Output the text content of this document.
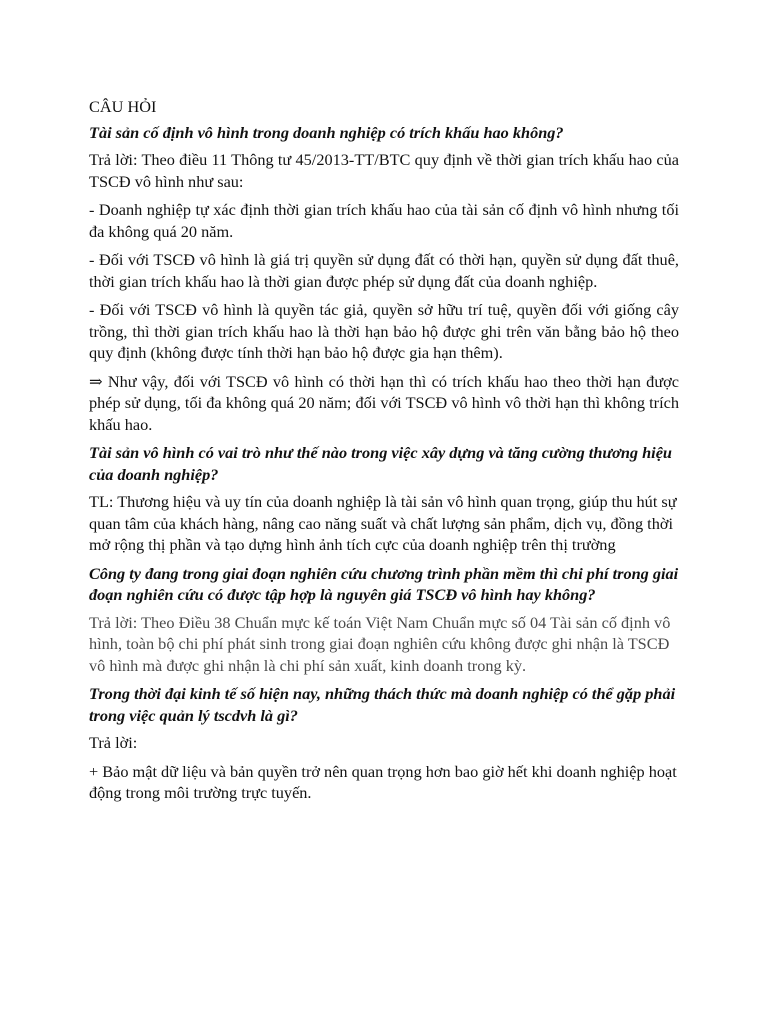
CÂU HỎI

Tài sản cố định vô hình trong doanh nghiệp có trích khấu hao không?

Trả lời: Theo điều 11 Thông tư 45/2013-TT/BTC quy định về thời gian trích khấu hao của TSCĐ vô hình như sau:

- Doanh nghiệp tự xác định thời gian trích khấu hao của tài sản cố định vô hình nhưng tối đa không quá 20 năm.

- Đối với TSCĐ vô hình là giá trị quyền sử dụng đất có thời hạn, quyền sử dụng đất thuê, thời gian trích khấu hao là thời gian được phép sử dụng đất của doanh nghiệp.

- Đối với TSCĐ vô hình là quyền tác giả, quyền sở hữu trí tuệ, quyền đối với giống cây trồng, thì thời gian trích khấu hao là thời hạn bảo hộ được ghi trên văn bằng bảo hộ theo quy định (không được tính thời hạn bảo hộ được gia hạn thêm).

⇒ Như vậy, đối với TSCĐ vô hình có thời hạn thì có trích khấu hao theo thời hạn được phép sử dụng, tối đa không quá 20 năm; đối với TSCĐ vô hình vô thời hạn thì không trích khấu hao.

Tài sản vô hình có vai trò như thế nào trong việc xây dựng và tăng cường thương hiệu của doanh nghiệp?

TL: Thương hiệu và uy tín của doanh nghiệp là tài sản vô hình quan trọng, giúp thu hút sự quan tâm của khách hàng, nâng cao năng suất và chất lượng sản phẩm, dịch vụ, đồng thời mở rộng thị phần và tạo dựng hình ảnh tích cực của doanh nghiệp trên thị trường

Công ty đang trong giai đoạn nghiên cứu chương trình phần mềm thì chi phí trong giai đoạn nghiên cứu có được tập hợp là nguyên giá TSCĐ vô hình hay không?

Trả lời: Theo Điều 38 Chuẩn mực kế toán Việt Nam Chuẩn mực số 04 Tài sản cố định vô hình, toàn bộ chi phí phát sinh trong giai đoạn nghiên cứu không được ghi nhận là TSCĐ vô hình mà được ghi nhận là chi phí sản xuất, kinh doanh trong kỳ.

Trong thời đại kinh tế số hiện nay, những thách thức mà doanh nghiệp có thể gặp phải trong việc quản lý tscdvh là gì?

Trả lời:

+ Bảo mật dữ liệu và bản quyền trở nên quan trọng hơn bao giờ hết khi doanh nghiệp hoạt động trong môi trường trực tuyến.
